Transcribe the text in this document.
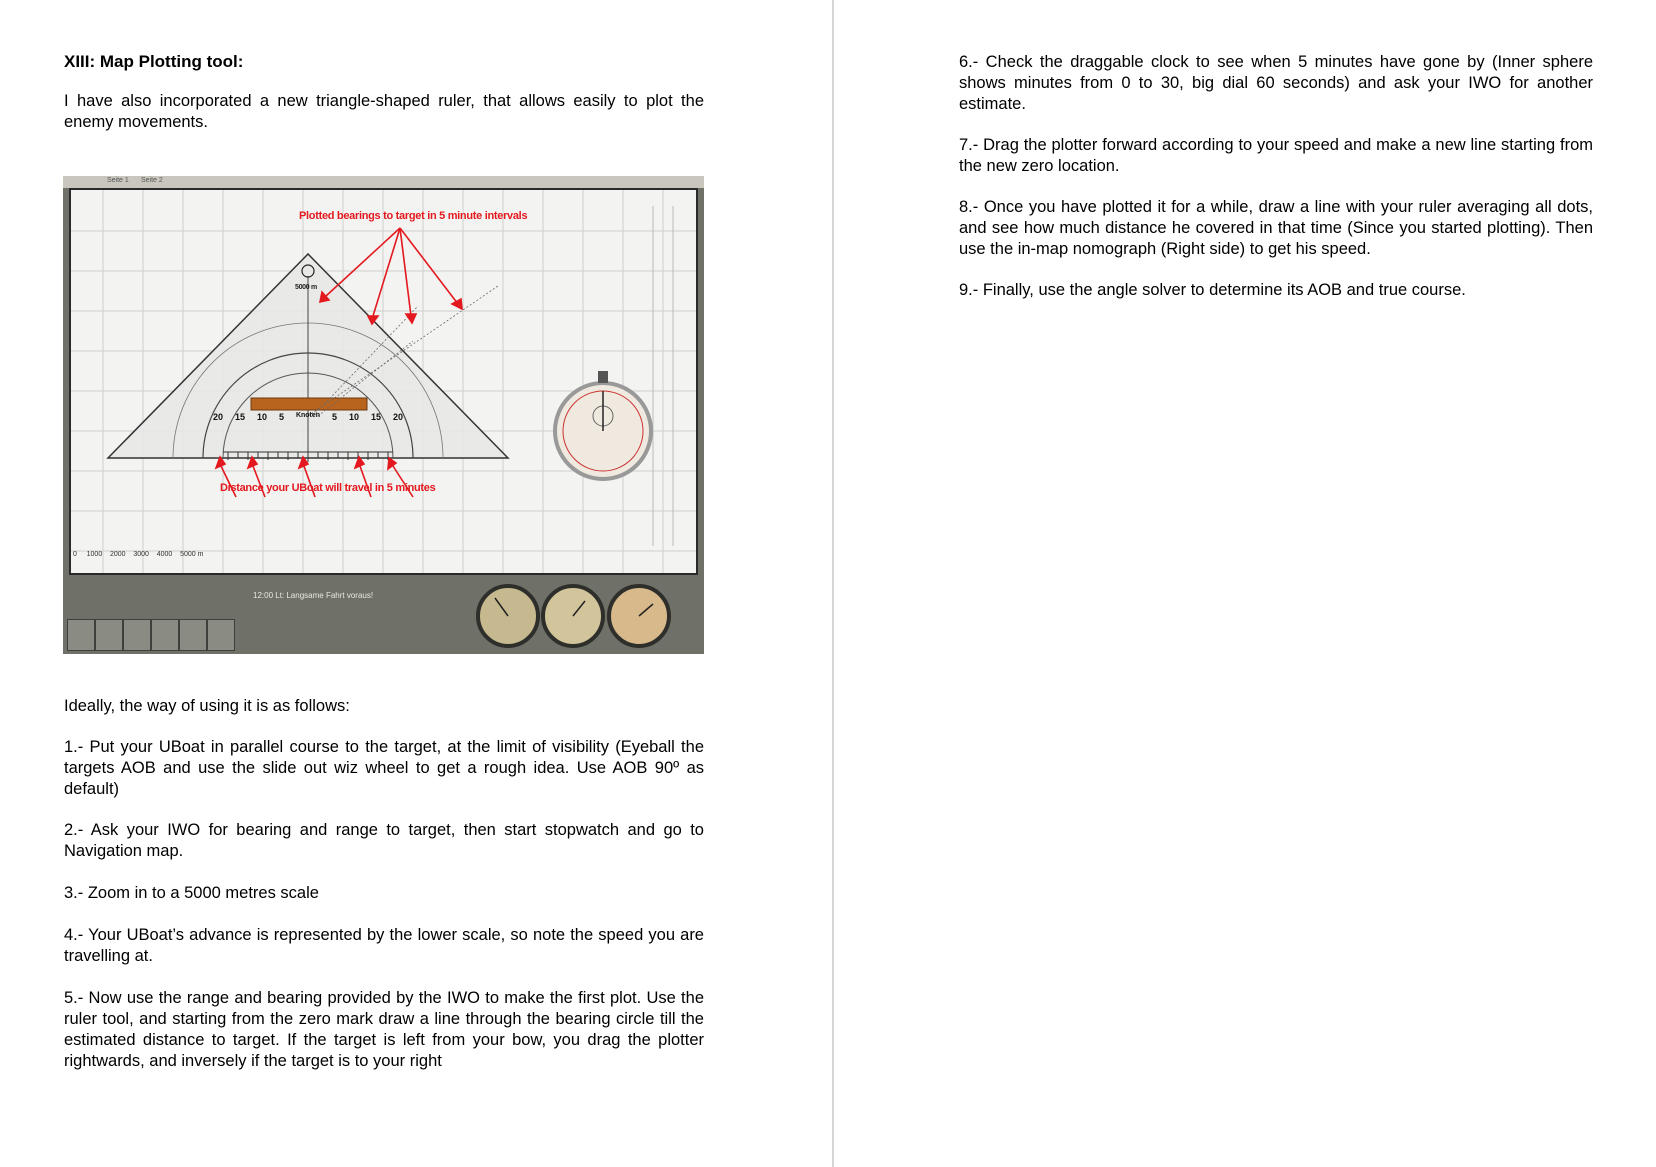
XIII: Map Plotting tool:
I have also incorporated a new triangle-shaped ruler, that allows easily to plot the enemy movements.
Seite 1 Seite 2
Plotted bearings to target in 5 minute intervals
Distance your UBoat will travel in 5 minutes
5000 m
20 15 10 5 Knoten 5 10 15 20
0 1000 2000 3000 4000 5000 m
12:00 Lt: Langsame Fahrt voraus!
Ideally, the way of using it is as follows:
1.- Put your UBoat in parallel course to the target, at the limit of visibility (Eyeball the targets AOB and use the slide out wiz wheel to get a rough idea. Use AOB 90º as default)
2.- Ask your IWO for bearing and range to target, then start stopwatch and go to Navigation map.
3.- Zoom in to a 5000 metres scale
4.- Your UBoat’s advance is represented by the lower scale, so note the speed you are travelling at.
5.- Now use the range and bearing provided by the IWO to make the first plot. Use the ruler tool, and starting from the zero mark draw a line through the bearing circle till the estimated distance to target. If the target is left from your bow, you drag the plotter rightwards, and inversely if the target is to your right
6.- Check the draggable clock to see when 5 minutes have gone by (Inner sphere shows minutes from 0 to 30, big dial 60 seconds) and ask your IWO for another estimate.
7.- Drag the plotter forward according to your speed and make a new line starting from the new zero location.
8.- Once you have plotted it for a while, draw a line with your ruler averaging all dots, and see how much distance he covered in that time (Since you started plotting). Then use the in-map nomograph (Right side) to get his speed.
9.- Finally, use the angle solver to determine its AOB and true course.
